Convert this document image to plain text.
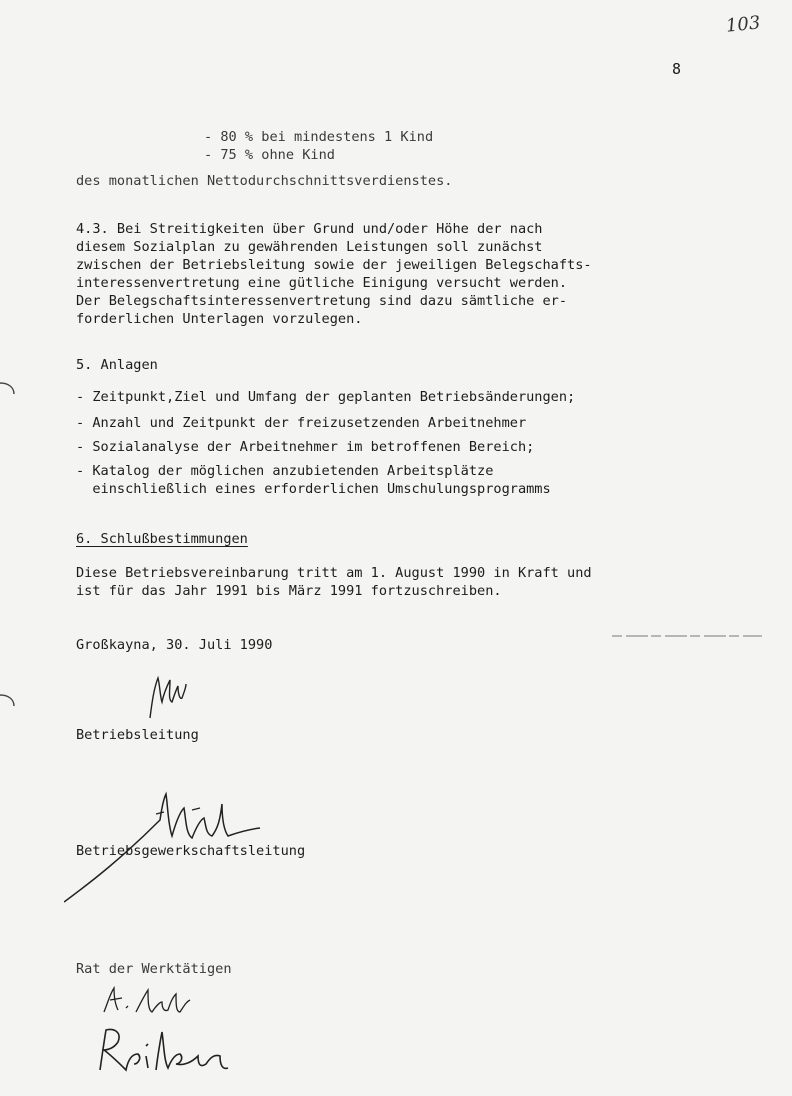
103
8
- 80 % bei mindestens 1 Kind
- 75 % ohne Kind
des monatlichen Nettodurchschnittsverdienstes.
4.3. Bei Streitigkeiten über Grund und/oder Höhe der nach
diesem Sozialplan zu gewährenden Leistungen soll zunächst
zwischen der Betriebsleitung sowie der jeweiligen Belegschafts-
interessenvertretung eine gütliche Einigung versucht werden.
Der Belegschaftsinteressenvertretung sind dazu sämtliche er-
forderlichen Unterlagen vorzulegen.
5. Anlagen
- Zeitpunkt,Ziel und Umfang der geplanten Betriebsänderungen;
- Anzahl und Zeitpunkt der freizusetzenden Arbeitnehmer
- Sozialanalyse der Arbeitnehmer im betroffenen Bereich;
- Katalog der möglichen anzubietenden Arbeitsplätze
einschließlich eines erforderlichen Umschulungsprogramms
6. Schlußbestimmungen
Diese Betriebsvereinbarung tritt am 1. August 1990 in Kraft und
ist für das Jahr 1991 bis März 1991 fortzuschreiben.
Großkayna, 30. Juli 1990
Betriebsleitung
Betriebsgewerkschaftsleitung
Rat der Werktätigen
